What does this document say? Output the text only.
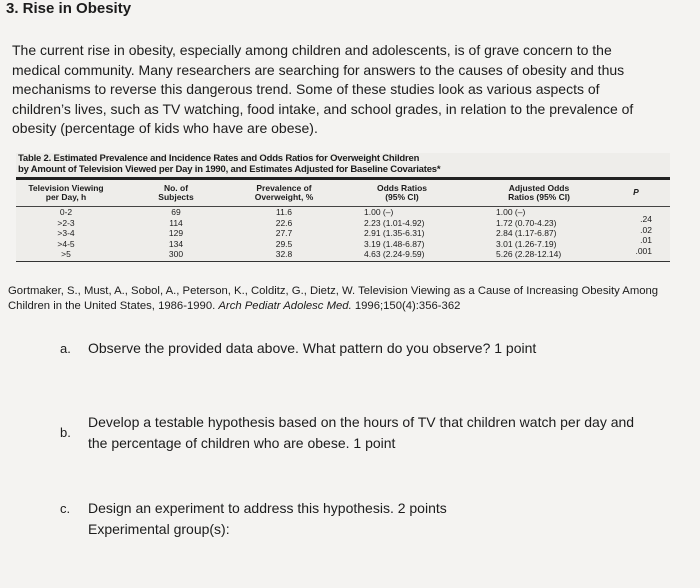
3. Rise in Obesity
The current rise in obesity, especially among children and adolescents, is of grave concern to the medical community. Many researchers are searching for answers to the causes of obesity and thus mechanisms to reverse this dangerous trend. Some of these studies look as various aspects of children’s lives, such as TV watching, food intake, and school grades, in relation to the prevalence of obesity (percentage of kids who have are obese).
Table 2. Estimated Prevalence and Incidence Rates and Odds Ratios for Overweight Children
by Amount of Television Viewed per Day in 1990, and Estimates Adjusted for Baseline Covariates*
Television Viewing
per Day, h
No. of
Subjects
Prevalence of
Overweight, %
Odds Ratios
(95% CI)
Adjusted Odds
Ratios (95% CI)	P
0-2
>2-3
>3-4
>4-5
>5
69
114
129
134
300
11.6
22.6
27.7
29.5
32.8
1.00 (–)
2.23 (1.01-4.92)
2.91 (1.35-6.31)
3.19 (1.48-6.87)
4.63 (2.24-9.59)
1.00 (–)
1.72 (0.70-4.23)
2.84 (1.17-6.87)
3.01 (1.26-7.19)
5.26 (2.28-12.14)
.24
.02
.01
.001
Gortmaker, S., Must, A., Sobol, A., Peterson, K., Colditz, G., Dietz, W. Television Viewing as a Cause of Increasing Obesity Among Children in the United States, 1986-1990. Arch Pediatr Adolesc Med. 1996;150(4):356-362
a. Observe the provided data above. What pattern do you observe? 1 point
b.
Develop a testable hypothesis based on the hours of TV that children watch per day and
the percentage of children who are obese. 1 point
c. Design an experiment to address this hypothesis. 2 points
Experimental group(s):
